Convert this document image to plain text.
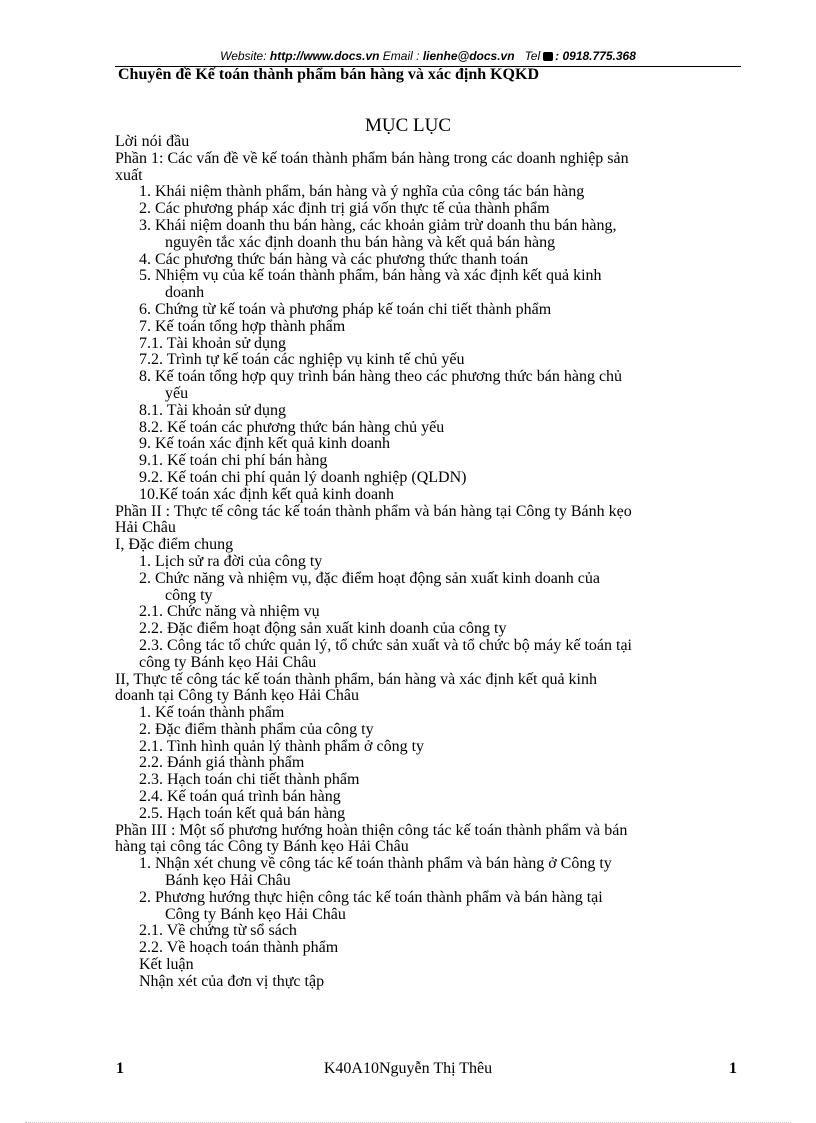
Website: http://www.docs.vn Email : lienhe@docs.vn Tel : 0918.775.368
Chuyên đề Kế toán thành phẩm bán hàng và xác định KQKD
MỤC LỤC
Lời nói đầu
Phần 1: Các vấn đề về kế toán thành phẩm bán hàng trong các doanh nghiệp sản
xuất
1. Khái niệm thành phẩm, bán hàng và ý nghĩa của công tác bán hàng
2. Các phương pháp xác định trị giá vốn thực tế của thành phẩm
3. Khái niệm doanh thu bán hàng, các khoản giảm trừ doanh thu bán hàng,
nguyên tắc xác định doanh thu bán hàng và kết quả bán hàng
4. Các phương thức bán hàng và các phương thức thanh toán
5. Nhiệm vụ của kế toán thành phẩm, bán hàng và xác định kết quả kinh
doanh
6. Chứng từ kế toán và phương pháp kế toán chi tiết thành phẩm
7. Kế toán tổng hợp thành phẩm
7.1. Tài khoản sử dụng
7.2. Trình tự kế toán các nghiệp vụ kinh tế chủ yếu
8. Kế toán tổng hợp quy trình bán hàng theo các phương thức bán hàng chủ
yếu
8.1. Tài khoản sử dụng
8.2. Kế toán các phương thức bán hàng chủ yếu
9. Kế toán xác định kết quả kinh doanh
9.1. Kế toán chi phí bán hàng
9.2. Kế toán chi phí quản lý doanh nghiệp (QLDN)
10.Kế toán xác định kết quả kinh doanh
Phần II : Thực tế công tác kế toán thành phẩm và bán hàng tại Công ty Bánh kẹo
Hải Châu
I, Đặc điểm chung
1. Lịch sử ra đời của công ty
2. Chức năng và nhiệm vụ, đặc điểm hoạt động sản xuất kinh doanh của
công ty
2.1. Chức năng và nhiệm vụ
2.2. Đặc điểm hoạt động sản xuất kinh doanh của công ty
2.3. Công tác tổ chức quản lý, tổ chức sản xuất và tổ chức bộ máy kế toán tại
công ty Bánh kẹo Hải Châu
II, Thực tế công tác kế toán thành phẩm, bán hàng và xác định kết quả kinh
doanh tại Công ty Bánh kẹo Hải Châu
1. Kế toán thành phẩm
2. Đặc điểm thành phẩm của công ty
2.1. Tình hình quản lý thành phẩm ở công ty
2.2. Đánh giá thành phẩm
2.3. Hạch toán chi tiết thành phẩm
2.4. Kế toán quá trình bán hàng
2.5. Hạch toán kết quả bán hàng
Phần III : Một số phương hướng hoàn thiện công tác kế toán thành phẩm và bán
hàng tại công tác Công ty Bánh kẹo Hải Châu
1. Nhận xét chung về công tác kế toán thành phẩm và bán hàng ở Công ty
Bánh kẹo Hải Châu
2. Phương hướng thực hiện công tác kế toán thành phẩm và bán hàng tại
Công ty Bánh kẹo Hải Châu
2.1. Về chứng từ sổ sách
2.2. Về hoạch toán thành phẩm
Kết luận
Nhận xét của đơn vị thực tập
1	K40A10Nguyễn Thị Thêu	1
